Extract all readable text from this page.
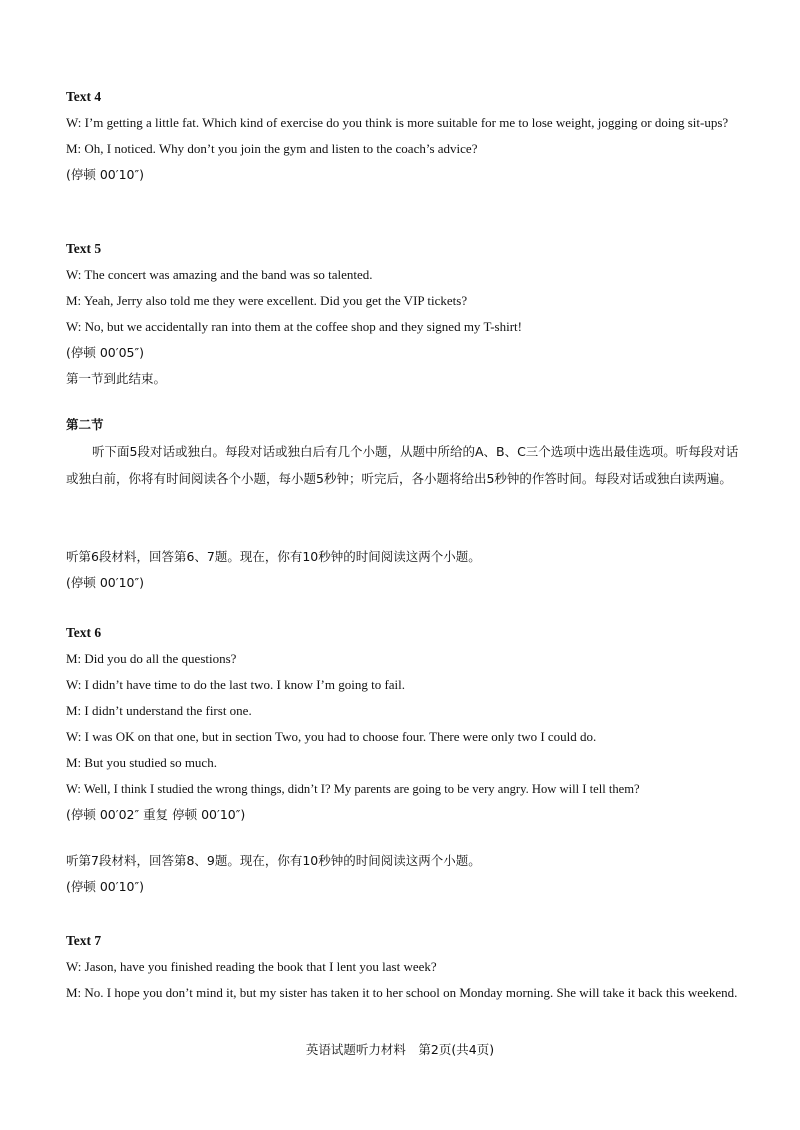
Text 4
W: I’m getting a little fat. Which kind of exercise do you think is more suitable for me to lose weight, jogging or doing sit-ups?
M: Oh, I noticed. Why don’t you join the gym and listen to the coach’s advice?
(停顿 00′10″)
Text 5
W: The concert was amazing and the band was so talented.
M: Yeah, Jerry also told me they were excellent. Did you get the VIP tickets?
W: No, but we accidentally ran into them at the coffee shop and they signed my T-shirt!
(停顿 00′05″)
第一节到此结束。
第二节
听下面5段对话或独白。每段对话或独白后有几个小题，从题中所给的A、B、C三个选项中选出最佳选项。听每段对话或独白前，你将有时间阅读各个小题，每小题5秒钟；听完后，各小题将给出5秒钟的作答时间。每段对话或独白读两遍。
听第6段材料，回答第6、7题。现在，你有10秒钟的时间阅读这两个小题。
(停顿 00′10″)
Text 6
M: Did you do all the questions?
W: I didn’t have time to do the last two. I know I’m going to fail.
M: I didn’t understand the first one.
W: I was OK on that one, but in section Two, you had to choose four. There were only two I could do.
M: But you studied so much.
W: Well, I think I studied the wrong things, didn’t I? My parents are going to be very angry. How will I tell them?
(停顿 00′02″ 重复 停顿 00′10″)
听第7段材料，回答第8、9题。现在，你有10秒钟的时间阅读这两个小题。
(停顿 00′10″)
Text 7
W: Jason, have you finished reading the book that I lent you last week?
M: No. I hope you don’t mind it, but my sister has taken it to her school on Monday morning. She will take it back this weekend.
英语试题听力材料　第2页(共4页)
